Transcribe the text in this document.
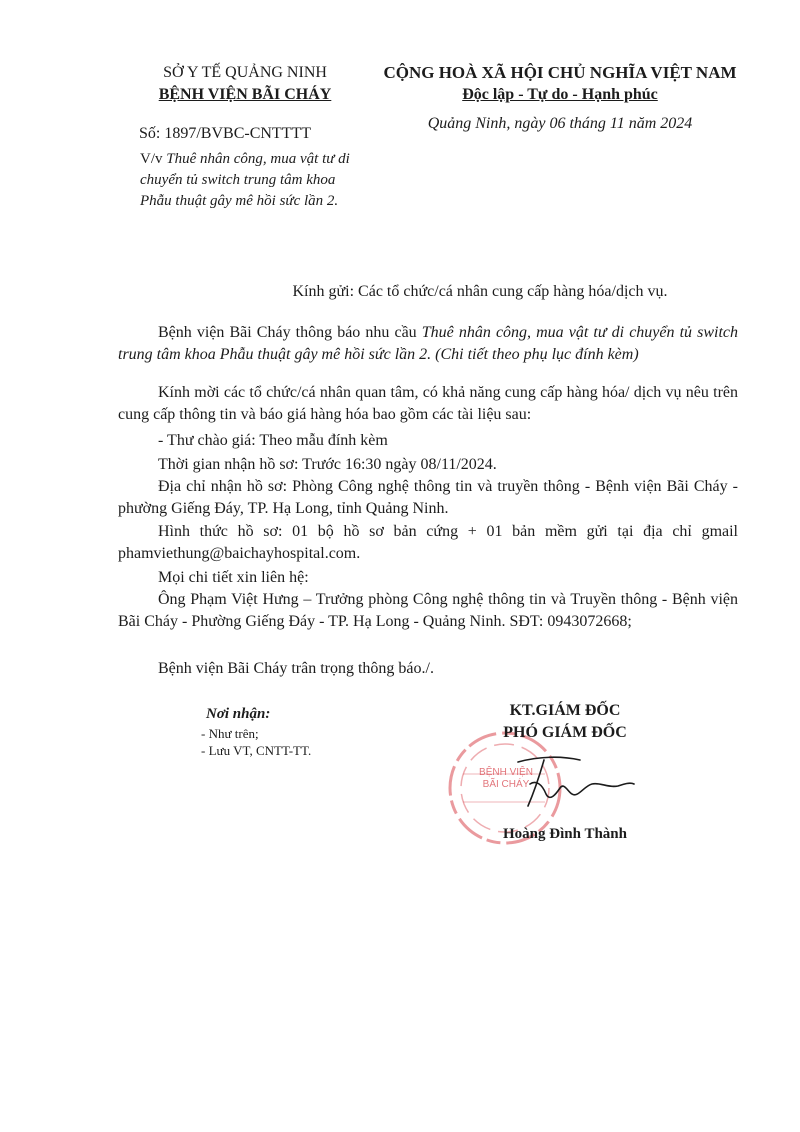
SỞ Y TẾ QUẢNG NINH
BỆNH VIỆN BÃI CHÁY
Số: 1897/BVBC-CNTTTT
V/v Thuê nhân công, mua vật tư di chuyển tủ switch trung tâm khoa Phẫu thuật gây mê hồi sức lần 2.
CỘNG HOÀ XÃ HỘI CHỦ NGHĨA VIỆT NAM
Độc lập - Tự do - Hạnh phúc
Quảng Ninh, ngày 06 tháng 11 năm 2024
Kính gửi: Các tổ chức/cá nhân cung cấp hàng hóa/dịch vụ.

Bệnh viện Bãi Cháy thông báo nhu cầu Thuê nhân công, mua vật tư di chuyển tủ switch trung tâm khoa Phẫu thuật gây mê hồi sức lần 2. (Chi tiết theo phụ lục đính kèm)

Kính mời các tổ chức/cá nhân quan tâm, có khả năng cung cấp hàng hóa/ dịch vụ nêu trên cung cấp thông tin và báo giá hàng hóa bao gồm các tài liệu sau:

- Thư chào giá: Theo mẫu đính kèm

Thời gian nhận hồ sơ: Trước 16:30 ngày 08/11/2024.

Địa chỉ nhận hồ sơ: Phòng Công nghệ thông tin và truyền thông - Bệnh viện Bãi Cháy - phường Giếng Đáy, TP. Hạ Long, tỉnh Quảng Ninh.

Hình thức hồ sơ: 01 bộ hồ sơ bản cứng + 01 bản mềm gửi tại địa chỉ gmail phamviethung@baichayhospital.com.

Mọi chi tiết xin liên hệ:

Ông Phạm Việt Hưng – Trưởng phòng Công nghệ thông tin và Truyền thông - Bệnh viện Bãi Cháy - Phường Giếng Đáy - TP. Hạ Long - Quảng Ninh. SĐT: 0943072668;

Bệnh viện Bãi Cháy trân trọng thông báo./.

Nơi nhận:
- Như trên;
- Lưu VT, CNTT-TT.
BỆNH VIỆN BÃI CHÁY
KT.GIÁM ĐỐC
PHÓ GIÁM ĐỐC
Hoàng Đình Thành
